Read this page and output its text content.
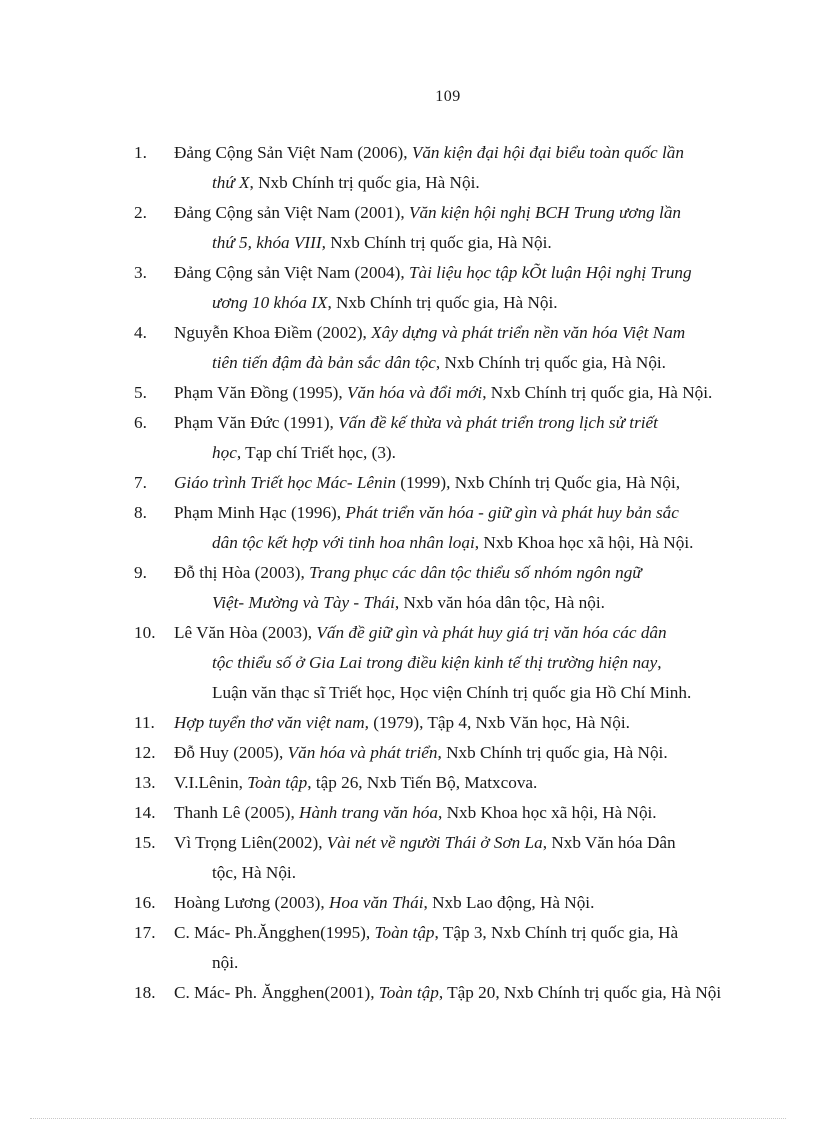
109
1.	Đảng Cộng Sản Việt Nam (2006), Văn kiện đại hội đại biểu toàn quốc lần
thứ X, Nxb Chính trị quốc gia, Hà Nội.
2.	Đảng Cộng sản Việt Nam (2001), Văn kiện hội nghị BCH Trung ương lần
thứ 5, khóa VIII, Nxb Chính trị quốc gia, Hà Nội.
3.	Đảng Cộng sản Việt Nam (2004), Tài liệu học tập kÕt luận Hội nghị Trung
ương 10 khóa IX, Nxb Chính trị quốc gia, Hà Nội.
4.	Nguyễn Khoa Điềm (2002), Xây dựng và phát triển nền văn hóa Việt Nam
tiên tiến đậm đà bản sắc dân tộc, Nxb Chính trị quốc gia, Hà Nội.
5.	Phạm Văn Đồng (1995), Văn hóa và đổi mới, Nxb Chính trị quốc gia, Hà Nội.
6.	Phạm Văn Đức (1991), Vấn đề kế thừa và phát triển trong lịch sử triết
học, Tạp chí Triết học, (3).
7.	Giáo trình Triết học Mác- Lênin (1999), Nxb Chính trị Quốc gia, Hà Nội,
8.	Phạm Minh Hạc (1996), Phát triển văn hóa - giữ gìn và phát huy bản sắc
dân tộc kết hợp với tinh hoa nhân loại, Nxb Khoa học xã hội, Hà Nội.
9.	Đỗ thị Hòa (2003), Trang phục các dân tộc thiểu số nhóm ngôn ngữ
Việt- Mường và Tày - Thái, Nxb văn hóa dân tộc, Hà nội.
10.	Lê Văn Hòa (2003), Vấn đề giữ gìn và phát huy giá trị văn hóa các dân
tộc thiểu số ở Gia Lai trong điều kiện kinh tế thị trường hiện nay,
Luận văn thạc sĩ Triết học, Học viện Chính trị quốc gia Hồ Chí Minh.
11.	Hợp tuyển thơ văn việt nam, (1979), Tập 4, Nxb Văn học, Hà Nội.
12.	Đỗ Huy (2005), Văn hóa và phát triển, Nxb Chính trị quốc gia, Hà Nội.
13.	V.I.Lênin, Toàn tập, tập 26, Nxb Tiến Bộ, Matxcova.
14.	Thanh Lê (2005), Hành trang văn hóa, Nxb Khoa học xã hội, Hà Nội.
15.	Vì Trọng Liên(2002), Vài nét về người Thái ở Sơn La, Nxb Văn hóa Dân
tộc, Hà Nội.
16.	Hoàng Lương (2003), Hoa văn Thái, Nxb Lao động, Hà Nội.
17.	C. Mác- Ph.Ăngghen(1995), Toàn tập, Tập 3, Nxb Chính trị quốc gia, Hà
nội.
18.	C. Mác- Ph. Ăngghen(2001), Toàn tập, Tập 20, Nxb Chính trị quốc gia, Hà Nội
